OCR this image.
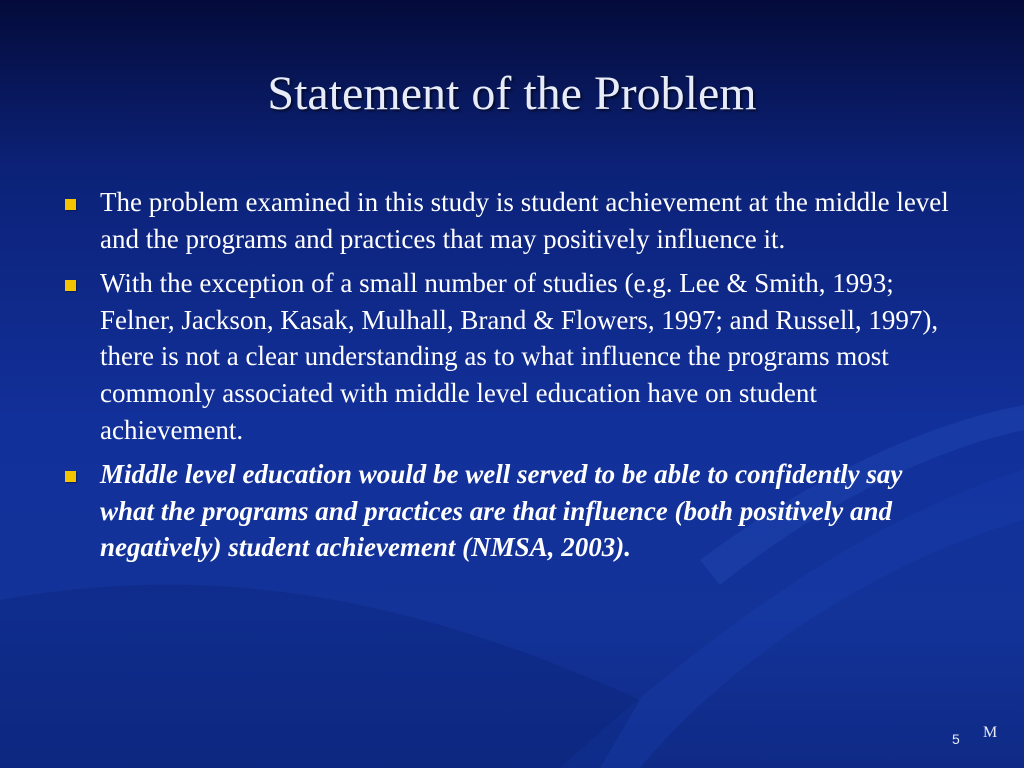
Statement of the Problem
The problem examined in this study is student achievement at the middle level and the programs and practices that may positively influence it.
With the exception of a small number of studies (e.g. Lee & Smith, 1993; Felner, Jackson, Kasak, Mulhall, Brand & Flowers, 1997; and Russell, 1997), there is not a clear understanding as to what influence the programs most commonly associated with middle level education have on student achievement.
Middle level education would be well served to be able to confidently say what the programs and practices are that influence (both positively and negatively) student achievement (NMSA, 2003).
5 M
